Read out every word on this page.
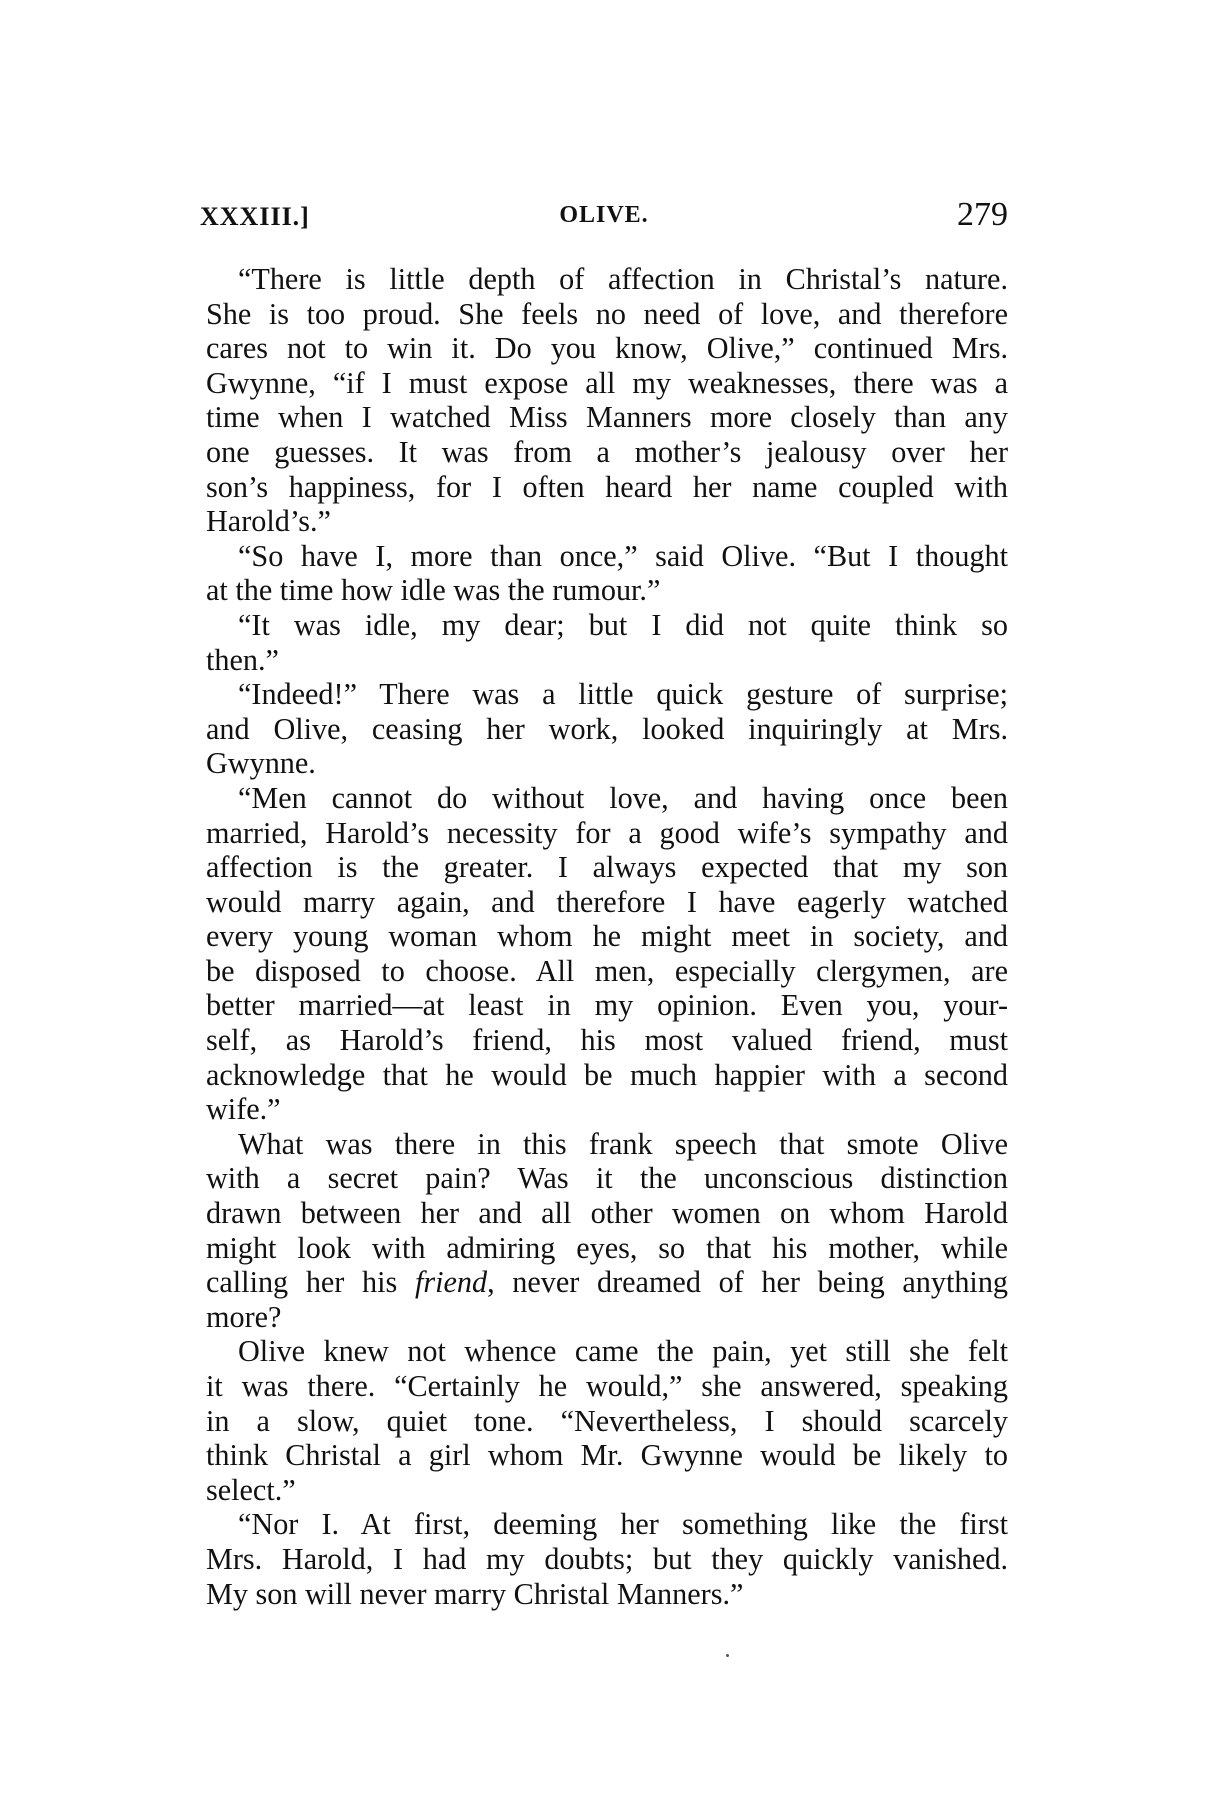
XXXIII.]	OLIVE.	279
“There is little depth of affection in Christal’s nature.
She is too proud. She feels no need of love, and therefore
cares not to win it. Do you know, Olive,” continued Mrs.
Gwynne, “if I must expose all my weaknesses, there was a
time when I watched Miss Manners more closely than any
one guesses. It was from a mother’s jealousy over her
son’s happiness, for I often heard her name coupled with
Harold’s.”
“So have I, more than once,” said Olive. “But I thought
at the time how idle was the rumour.”
“It was idle, my dear; but I did not quite think so
then.”
“Indeed!” There was a little quick gesture of surprise;
and Olive, ceasing her work, looked inquiringly at Mrs.
Gwynne.
“Men cannot do without love, and having once been
married, Harold’s necessity for a good wife’s sympathy and
affection is the greater. I always expected that my son
would marry again, and therefore I have eagerly watched
every young woman whom he might meet in society, and
be disposed to choose. All men, especially clergymen, are
better married—at least in my opinion. Even you, your-
self, as Harold’s friend, his most valued friend, must
acknowledge that he would be much happier with a second
wife.”
What was there in this frank speech that smote Olive
with a secret pain? Was it the unconscious distinction
drawn between her and all other women on whom Harold
might look with admiring eyes, so that his mother, while
calling her his friend, never dreamed of her being anything
more?
Olive knew not whence came the pain, yet still she felt
it was there. “Certainly he would,” she answered, speaking
in a slow, quiet tone. “Nevertheless, I should scarcely
think Christal a girl whom Mr. Gwynne would be likely to
select.”
“Nor I. At first, deeming her something like the first
Mrs. Harold, I had my doubts; but they quickly vanished.
My son will never marry Christal Manners.”
